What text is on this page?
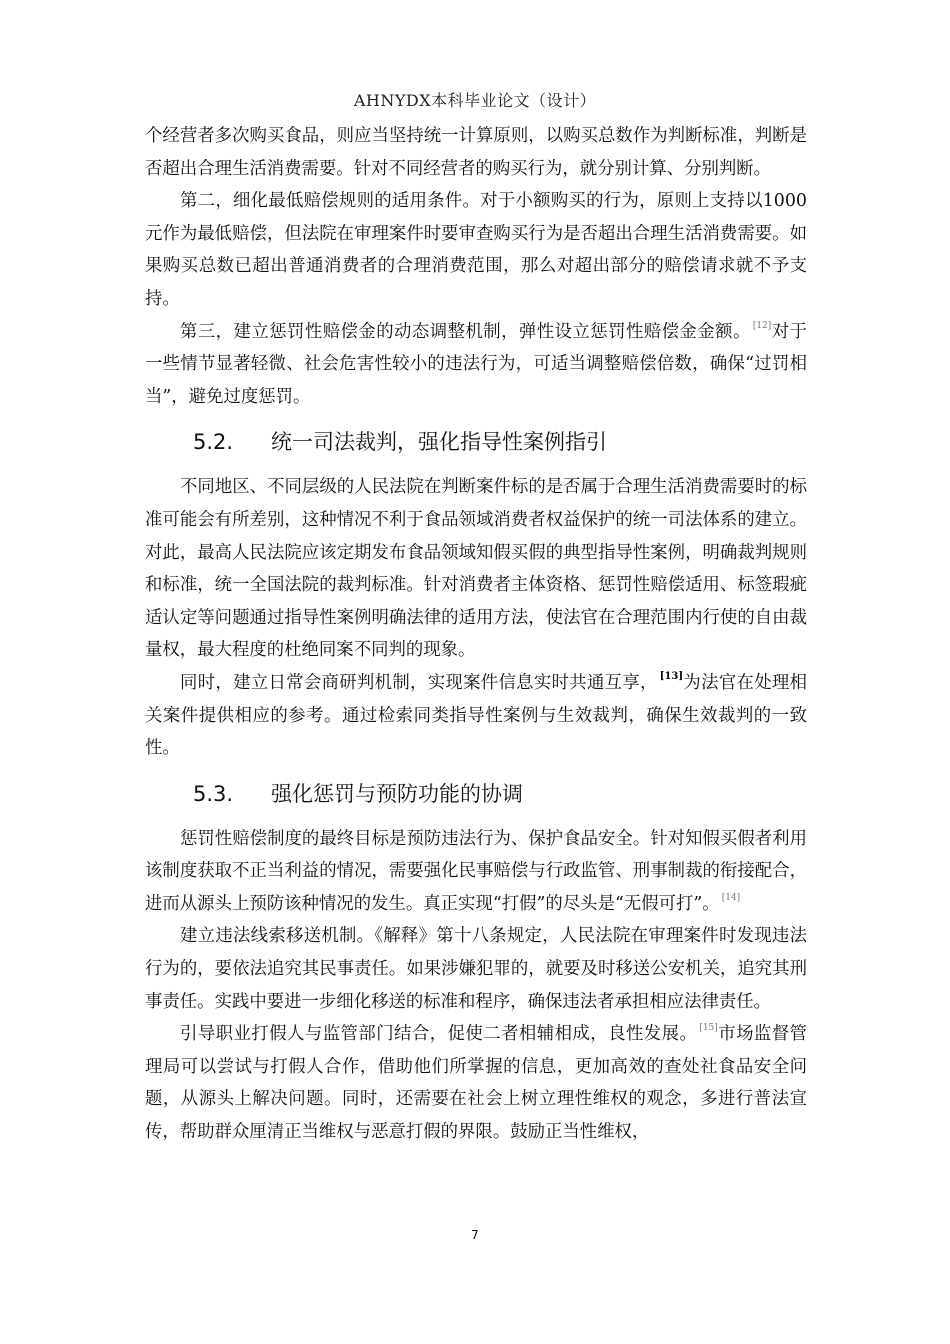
AHNYDX本科毕业论文（设计）

个经营者多次购买食品，则应当坚持统一计算原则，以购买总数作为判断标准，判断是否超出合理生活消费需要。针对不同经营者的购买行为，就分别计算、分别判断。

第二，细化最低赔偿规则的适用条件。对于小额购买的行为，原则上支持以1000 元作为最低赔偿，但法院在审理案件时要审查购买行为是否超出合理生活消费需要。如果购买总数已超出普通消费者的合理消费范围，那么对超出部分的赔偿请求就不予支持。

第三，建立惩罚性赔偿金的动态调整机制，弹性设立惩罚性赔偿金金额。 [12]对于一些情节显著轻微、社会危害性较小的违法行为，可适当调整赔偿倍数，确保“过罚相当”，避免过度惩罚。

5.2. 统一司法裁判，强化指导性案例指引

不同地区、不同层级的人民法院在判断案件标的是否属于合理生活消费需要时的标准可能会有所差别，这种情况不利于食品领域消费者权益保护的统一司法体系的建立。对此，最高人民法院应该定期发布食品领域知假买假的典型指导性案例，明确裁判规则和标准，统一全国法院的裁判标准。针对消费者主体资格、惩罚性赔偿适用、标签瑕疵适认定等问题通过指导性案例明确法律的适用方法，使法官在合理范围内行使的自由裁量权，最大程度的杜绝同案不同判的现象。

同时，建立日常会商研判机制，实现案件信息实时共通互享， [13]为法官在处理相关案件提供相应的参考。通过检索同类指导性案例与生效裁判，确保生效裁判的一致性。

5.3. 强化惩罚与预防功能的协调

惩罚性赔偿制度的最终目标是预防违法行为、保护食品安全。针对知假买假者利用该制度获取不正当利益的情况，需要强化民事赔偿与行政监管、刑事制裁的衔接配合，进而从源头上预防该种情况的发生。真正实现“打假”的尽头是“无假可打”。 [14]

建立违法线索移送机制。《解释》第十八条规定，人民法院在审理案件时发现违法行为的，要依法追究其民事责任。如果涉嫌犯罪的，就要及时移送公安机关，追究其刑事责任。实践中要进一步细化移送的标准和程序，确保违法者承担相应法律责任。

引导职业打假人与监管部门结合，促使二者相辅相成，良性发展。 [15]市场监督管理局可以尝试与打假人合作，借助他们所掌握的信息，更加高效的查处社食品安全问题，从源头上解决问题。同时，还需要在社会上树立理性维权的观念，多进行普法宣传，帮助群众厘清正当维权与恶意打假的界限。鼓励正当性维权，

7
